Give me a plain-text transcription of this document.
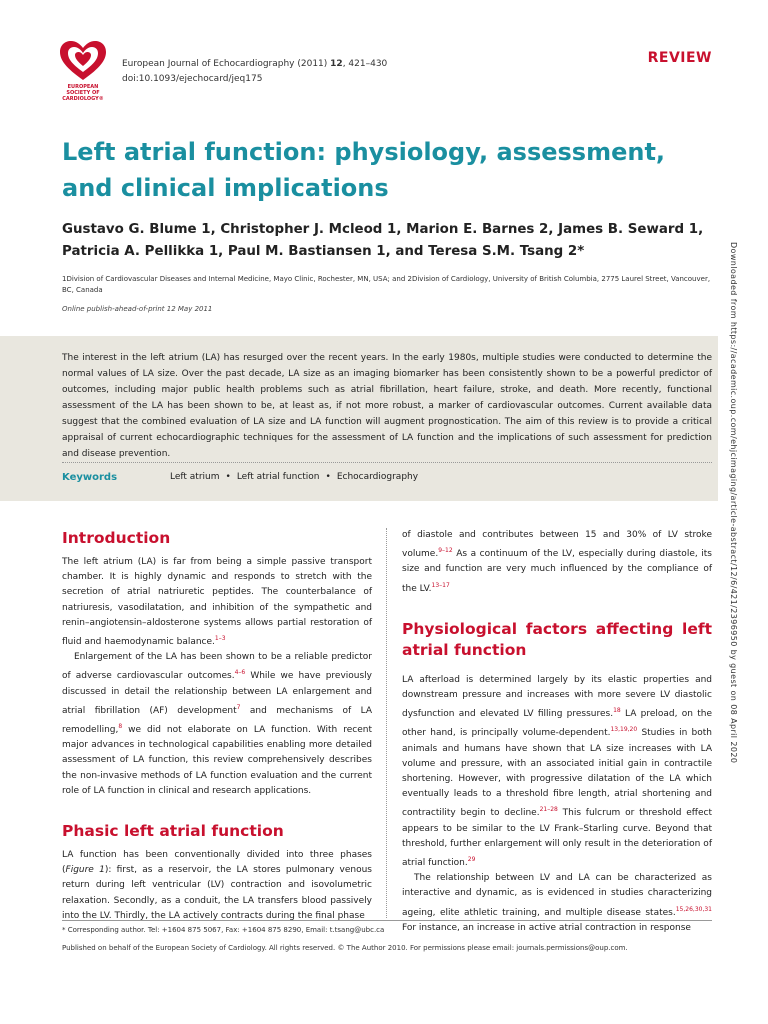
EUROPEAN SOCIETY OF CARDIOLOGY®
European Journal of Echocardiography (2011) 12, 421–430
doi:10.1093/ejechocard/jeq175
REVIEW
Left atrial function: physiology, assessment, and clinical implications
Gustavo G. Blume 1, Christopher J. Mcleod 1, Marion E. Barnes 2, James B. Seward 1,
Patricia A. Pellikka 1, Paul M. Bastiansen 1, and Teresa S.M. Tsang 2*
1Division of Cardiovascular Diseases and Internal Medicine, Mayo Clinic, Rochester, MN, USA; and 2Division of Cardiology, University of British Columbia, 2775 Laurel Street, Vancouver, BC, Canada
Online publish-ahead-of-print 12 May 2011
The interest in the left atrium (LA) has resurged over the recent years. In the early 1980s, multiple studies were conducted to determine the normal values of LA size. Over the past decade, LA size as an imaging biomarker has been consistently shown to be a powerful predictor of outcomes, including major public health problems such as atrial fibrillation, heart failure, stroke, and death. More recently, functional assessment of the LA has been shown to be, at least as, if not more robust, a marker of cardiovascular outcomes. Current available data suggest that the combined evaluation of LA size and LA function will augment prognostication. The aim of this review is to provide a critical appraisal of current echocardiographic techniques for the assessment of LA function and the implications of such assessment for prediction and disease prevention.
Keywords	Left atrium • Left atrial function • Echocardiography
Introduction
The left atrium (LA) is far from being a simple passive transport chamber. It is highly dynamic and responds to stretch with the secretion of atrial natriuretic peptides. The counterbalance of natriuresis, vasodilatation, and inhibition of the sympathetic and renin–angiotensin–aldosterone systems allows partial restoration of fluid and haemodynamic balance.$^{1-3}$
Enlargement of the LA has been shown to be a reliable predictor of adverse cardiovascular outcomes.$^{4-6}$ While we have previously discussed in detail the relationship between LA enlargement and atrial fibrillation (AF) development$^7$ and mechanisms of LA remodelling,$^8$ we did not elaborate on LA function. With recent major advances in technological capabilities enabling more detailed assessment of LA function, this review comprehensively describes the non-invasive methods of LA function evaluation and the current role of LA function in clinical and research applications.
Phasic left atrial function
LA function has been conventionally divided into three phases (Figure 1): first, as a reservoir, the LA stores pulmonary venous return during left ventricular (LV) contraction and isovolumetric relaxation. Secondly, as a conduit, the LA transfers blood passively into the LV. Thirdly, the LA actively contracts during the final phase
of diastole and contributes between 15 and 30% of LV stroke volume.$^{9-12}$ As a continuum of the LV, especially during diastole, its size and function are very much influenced by the compliance of the LV.$^{13-17}$
Physiological factors affecting left atrial function
LA afterload is determined largely by its elastic properties and downstream pressure and increases with more severe LV diastolic dysfunction and elevated LV filling pressures.$^{18}$ LA preload, on the other hand, is principally volume-dependent.$^{13,19,20}$ Studies in both animals and humans have shown that LA size increases with LA volume and pressure, with an associated initial gain in contractile shortening. However, with progressive dilatation of the LA which eventually leads to a threshold fibre length, atrial shortening and contractility begin to decline.$^{21-28}$ This fulcrum or threshold effect appears to be similar to the LV Frank–Starling curve. Beyond that threshold, further enlargement will only result in the deterioration of atrial function.$^{29}$
The relationship between LV and LA can be characterized as interactive and dynamic, as is evidenced in studies characterizing ageing, elite athletic training, and multiple disease states.$^{15,26,30,31}$ For instance, an increase in active atrial contraction in response
* Corresponding author. Tel: +1604 875 5067, Fax: +1604 875 8290, Email: t.tsang@ubc.ca
Published on behalf of the European Society of Cardiology. All rights reserved. © The Author 2010. For permissions please email: journals.permissions@oup.com.
Downloaded from https://academic.oup.com/ehjcimaging/article-abstract/12/6/421/2396950 by guest on 08 April 2020
